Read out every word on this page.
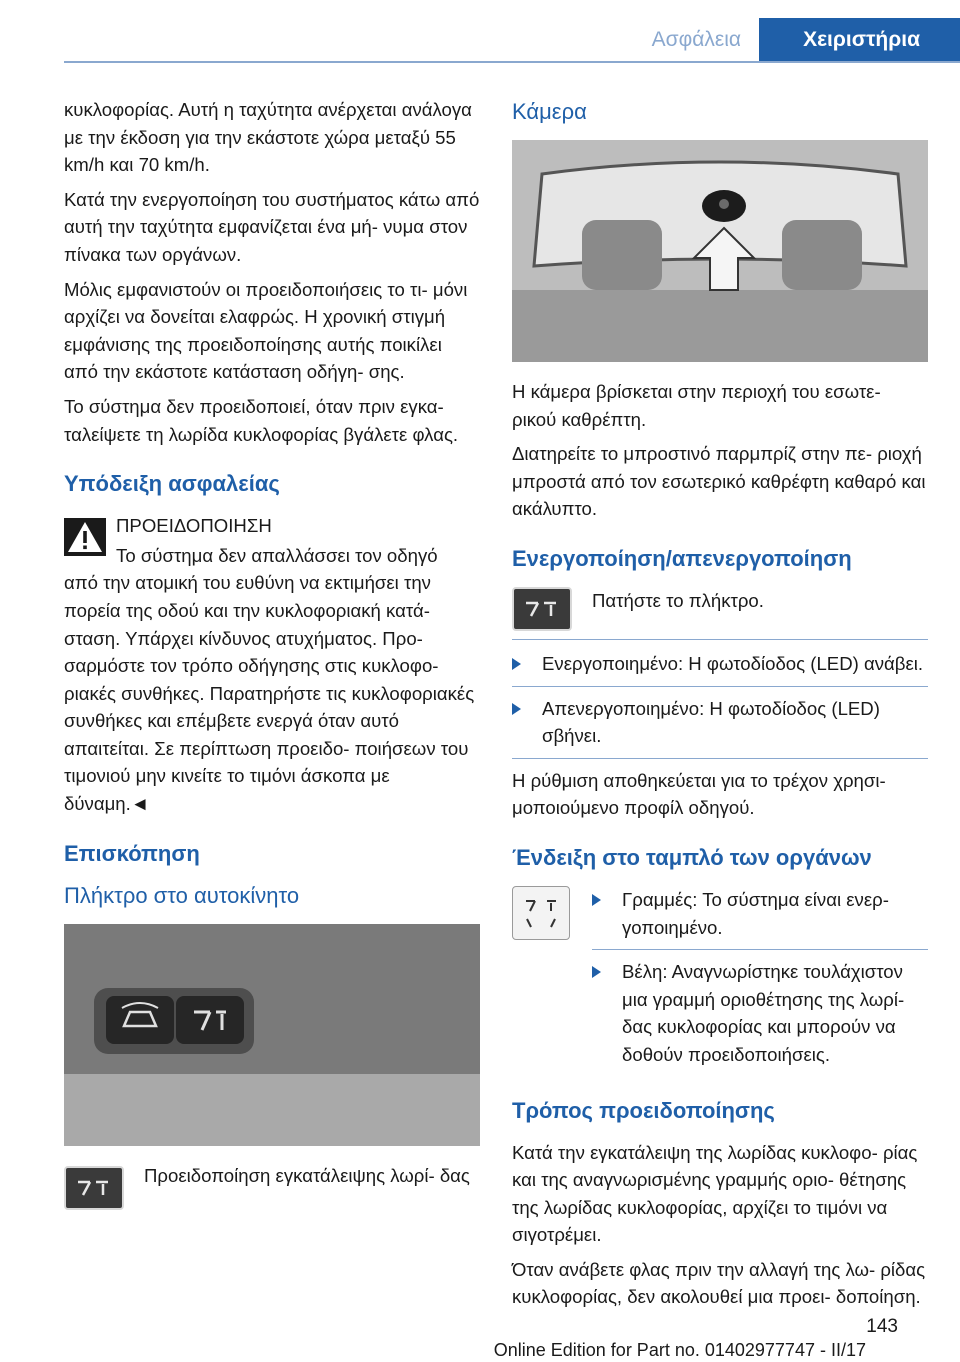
Ασφάλεια	Χειριστήρια

κυκλοφορίας. Αυτή η ταχύτητα ανέρχεται ανάλογα με την έκδοση για την εκάστοτε χώρα μεταξύ 55 km/h και 70 km/h.

Κατά την ενεργοποίηση του συστήματος κάτω από αυτή την ταχύτητα εμφανίζεται ένα μή‐ νυμα στον πίνακα των οργάνων.

Μόλις εμφανιστούν οι προειδοποιήσεις το τι‐ μόνι αρχίζει να δονείται ελαφρώς. Η χρονική στιγμή εμφάνισης της προειδοποίησης αυτής ποικίλει από την εκάστοτε κατάσταση οδήγη‐ σης.

Το σύστημα δεν προειδοποιεί, όταν πριν εγκα‐ ταλείψετε τη λωρίδα κυκλοφορίας βγάλετε φλας.

Υπόδειξη ασφαλείας

ΠΡΟΕΙΔΟΠΟΙΗΣΗ

Το σύστημα δεν απαλλάσσει τον οδηγό
από την ατομική του ευθύνη να εκτιμήσει την πορεία της οδού και την κυκλοφοριακή κατά‐ σταση. Υπάρχει κίνδυνος ατυχήματος. Προ‐ σαρμόστε τον τρόπο οδήγησης στις κυκλοφο‐ ριακές συνθήκες. Παρατηρήστε τις κυκλοφοριακές συνθήκες και επέμβετε ενεργά όταν αυτό απαιτείται. Σε περίπτωση προειδο‐ ποιήσεων του τιμονιού μην κινείτε το τιμόνι άσκοπα με δύναμη.◄

Επισκόπηση
Πλήκτρο στο αυτοκίνητο
Προειδοποίηση εγκατάλειψης λωρί‐ δας
Κάμερα

Η κάμερα βρίσκεται στην περιοχή του εσωτε‐ ρικού καθρέπτη.

Διατηρείτε το μπροστινό παρμπρίζ στην πε‐ ριοχή μπροστά από τον εσωτερικό καθρέφτη καθαρό και ακάλυπτο.

Ενεργοποίηση/απενεργοποίηση
Πατήστε το πλήκτρο.
Ενεργοποιημένο: Η φωτοδίοδος (LED) ανάβει.
Απενεργοποιημένο: Η φωτοδίοδος (LED) σβήνει.

Η ρύθμιση αποθηκεύεται για το τρέχον χρησι‐ μοποιούμενο προφίλ οδηγού.

Ένδειξη στο ταμπλό των οργάνων
Γραμμές: Το σύστημα είναι ενερ‐ γοποιημένο.
Βέλη: Αναγνωρίστηκε τουλάχιστον μια γραμμή οριοθέτησης της λωρί‐ δας κυκλοφορίας και μπορούν να δοθούν προειδοποιήσεις.
Τρόπος προειδοποίησης

Κατά την εγκατάλειψη της λωρίδας κυκλοφο‐ ρίας και της αναγνωρισμένης γραμμής οριο‐ θέτησης της λωρίδας κυκλοφορίας, αρχίζει το τιμόνι να σιγοτρέμει.

Όταν ανάβετε φλας πριν την αλλαγή της λω‐ ρίδας κυκλοφορίας, δεν ακολουθεί μια προει‐ δοποίηση.

143
Online Edition for Part no. 01402977747 - II/17
